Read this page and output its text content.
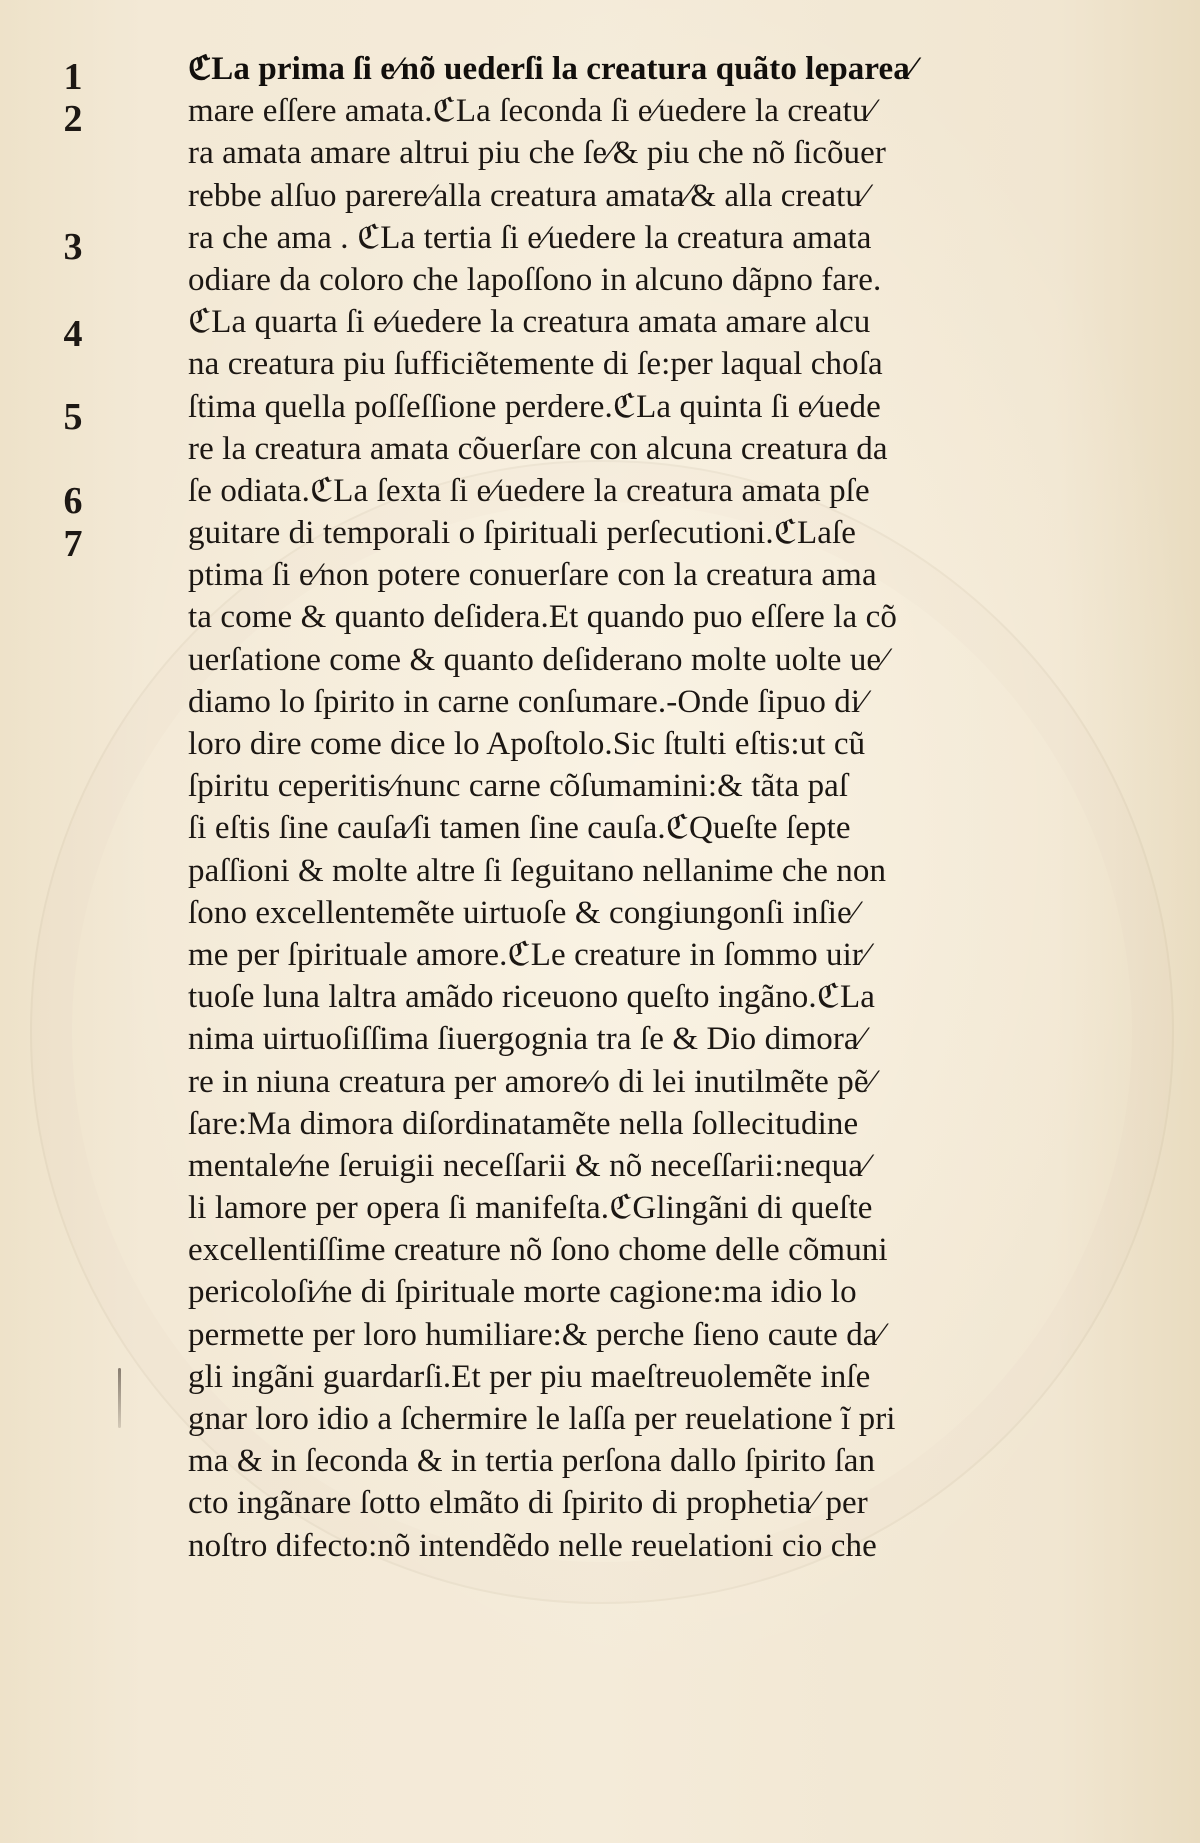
1
2
3
4
5
6
7
ℭLa prima ſi e⁄nõ uederſi la creatura quãto leparea⁄
mare eſſere amata.ℭLa ſeconda ſi e⁄uedere la creatu⁄
ra amata amare altrui piu che ſe⁄& piu che nõ ſicõuer
rebbe alſuo parere⁄alla creatura amata⁄& alla creatu⁄
ra che ama . ℭLa tertia ſi e⁄uedere la creatura amata
odiare da coloro che lapoſſono in alcuno dãpno fare.
ℭLa quarta ſi e⁄uedere la creatura amata amare alcu
na creatura piu ſufficiẽtemente di ſe:per laqual choſa
ſtima quella poſſeſſione perdere.ℭLa quinta ſi e⁄uede
re la creatura amata cõuerſare con alcuna creatura da
ſe odiata.ℭLa ſexta ſi e⁄uedere la creatura amata pſe
guitare di temporali o ſpirituali perſecutioni.ℭLaſe
ptima ſi e⁄non potere conuerſare con la creatura ama
ta come & quanto deſidera.Et quando puo eſſere la cõ
uerſatione come & quanto deſiderano molte uolte ue⁄
diamo lo ſpirito in carne conſumare.-Onde ſipuo di⁄
loro dire come dice lo Apoſtolo.Sic ſtulti eſtis:ut cũ
ſpiritu ceperitis⁄nunc carne cõſumamini:& tãta paſ
ſi eſtis ſine cauſa⁄ſi tamen ſine cauſa.ℭQueſte ſepte
paſſioni & molte altre ſi ſeguitano nellanime che non
ſono excellentemẽte uirtuoſe & congiungonſi inſie⁄
me per ſpirituale amore.ℭLe creature in ſommo uir⁄
tuoſe luna laltra amãdo riceuono queſto ingãno.ℭLa
nima uirtuoſiſſima ſiuergognia tra ſe & Dio dimora⁄
re in niuna creatura per amore⁄o di lei inutilmẽte pẽ⁄
ſare:Ma dimora diſordinatamẽte nella ſollecitudine
mentale⁄ne ſeruigii neceſſarii & nõ neceſſarii:nequa⁄
li lamore per opera ſi manifeſta.ℭGlingãni di queſte
excellentiſſime creature nõ ſono chome delle cõmuni
pericoloſi⁄ne di ſpirituale morte cagione:ma idio lo
permette per loro humiliare:& perche ſieno caute da⁄
gli ingãni guardarſi.Et per piu maeſtreuolemẽte inſe
gnar loro idio a ſchermire le laſſa per reuelatione ĩ pri
ma & in ſeconda & in tertia perſona dallo ſpirito ſan
cto ingãnare ſotto elmãto di ſpirito di prophetia⁄ per
noſtro difecto:nõ intendẽdo nelle reuelationi cio che
